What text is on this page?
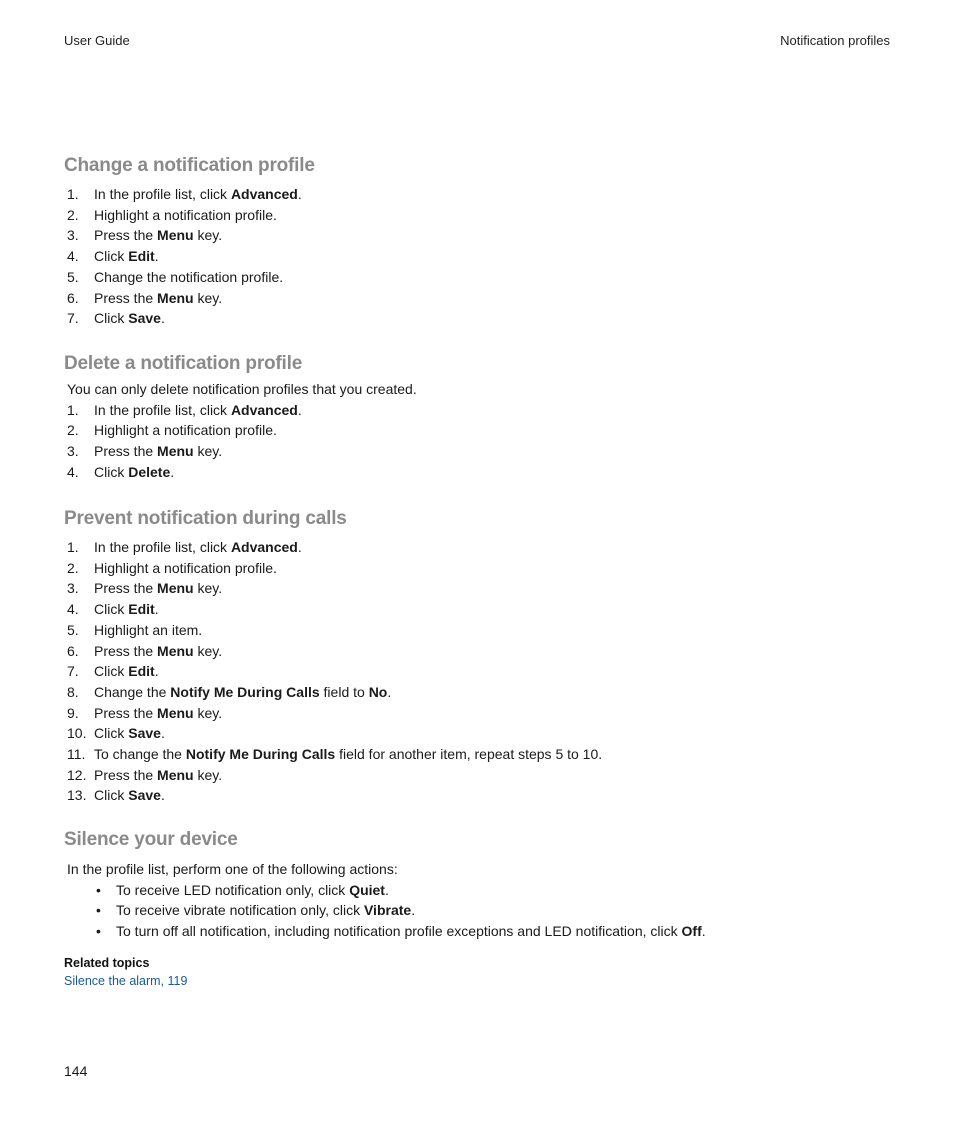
User Guide	Notification profiles
Change a notification profile
1. In the profile list, click Advanced.
2. Highlight a notification profile.
3. Press the Menu key.
4. Click Edit.
5. Change the notification profile.
6. Press the Menu key.
7. Click Save.
Delete a notification profile

You can only delete notification profiles that you created.

1. In the profile list, click Advanced.
2. Highlight a notification profile.
3. Press the Menu key.
4. Click Delete.
Prevent notification during calls
1. In the profile list, click Advanced.
2. Highlight a notification profile.
3. Press the Menu key.
4. Click Edit.
5. Highlight an item.
6. Press the Menu key.
7. Click Edit.
8. Change the Notify Me During Calls field to No.
9. Press the Menu key.
10. Click Save.
11. To change the Notify Me During Calls field for another item, repeat steps 5 to 10.
12. Press the Menu key.
13. Click Save.
Silence your device

In the profile list, perform one of the following actions:

• To receive LED notification only, click Quiet.
• To receive vibrate notification only, click Vibrate.
• To turn off all notification, including notification profile exceptions and LED notification, click Off.
Related topics
Silence the alarm, 119
144
